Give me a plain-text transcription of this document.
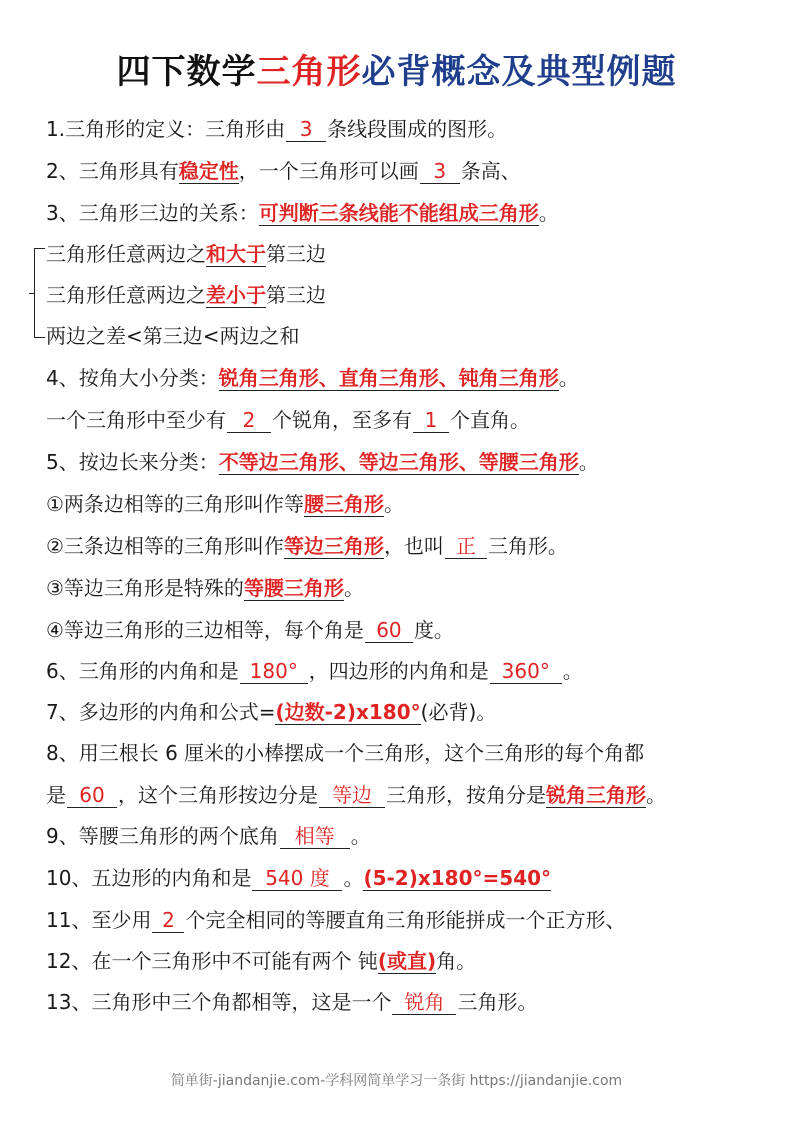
四下数学三角形必背概念及典型例题
1.三角形的定义：三角形由 3 条线段围成的图形。
2、三角形具有稳定性，一个三角形可以画 3 条高、
3、三角形三边的关系：可判断三条线能不能组成三角形。
三角形任意两边之和大于第三边
三角形任意两边之差小于第三边
两边之差<第三边<两边之和
4、按角大小分类：锐角三角形、直角三角形、钝角三角形。
一个三角形中至少有 2 个锐角，至多有 1 个直角。
5、按边长来分类：不等边三角形、等边三角形、等腰三角形。
①两条边相等的三角形叫作等腰三角形。
②三条边相等的三角形叫作等边三角形，也叫 正 三角形。
③等边三角形是特殊的等腰三角形。
④等边三角形的三边相等，每个角是 60 度。
6、三角形的内角和是 180° ，四边形的内角和是 360° 。
7、多边形的内角和公式=(边数-2)x180°(必背)。
8、用三根长 6 厘米的小棒摆成一个三角形，这个三角形的每个角都
是 60 ，这个三角形按边分是 等边 三角形，按角分是锐角三角形。
9、等腰三角形的两个底角 相等 。
10、五边形的内角和是 540 度 。(5-2)x180°=540°
11、至少用 2 个完全相同的等腰直角三角形能拼成一个正方形、
12、在一个三角形中不可能有两个 钝(或直)角。
13、三角形中三个角都相等，这是一个 锐角 三角形。
简单街-jiandanjie.com-学科网简单学习一条街 https://jiandanjie.com
